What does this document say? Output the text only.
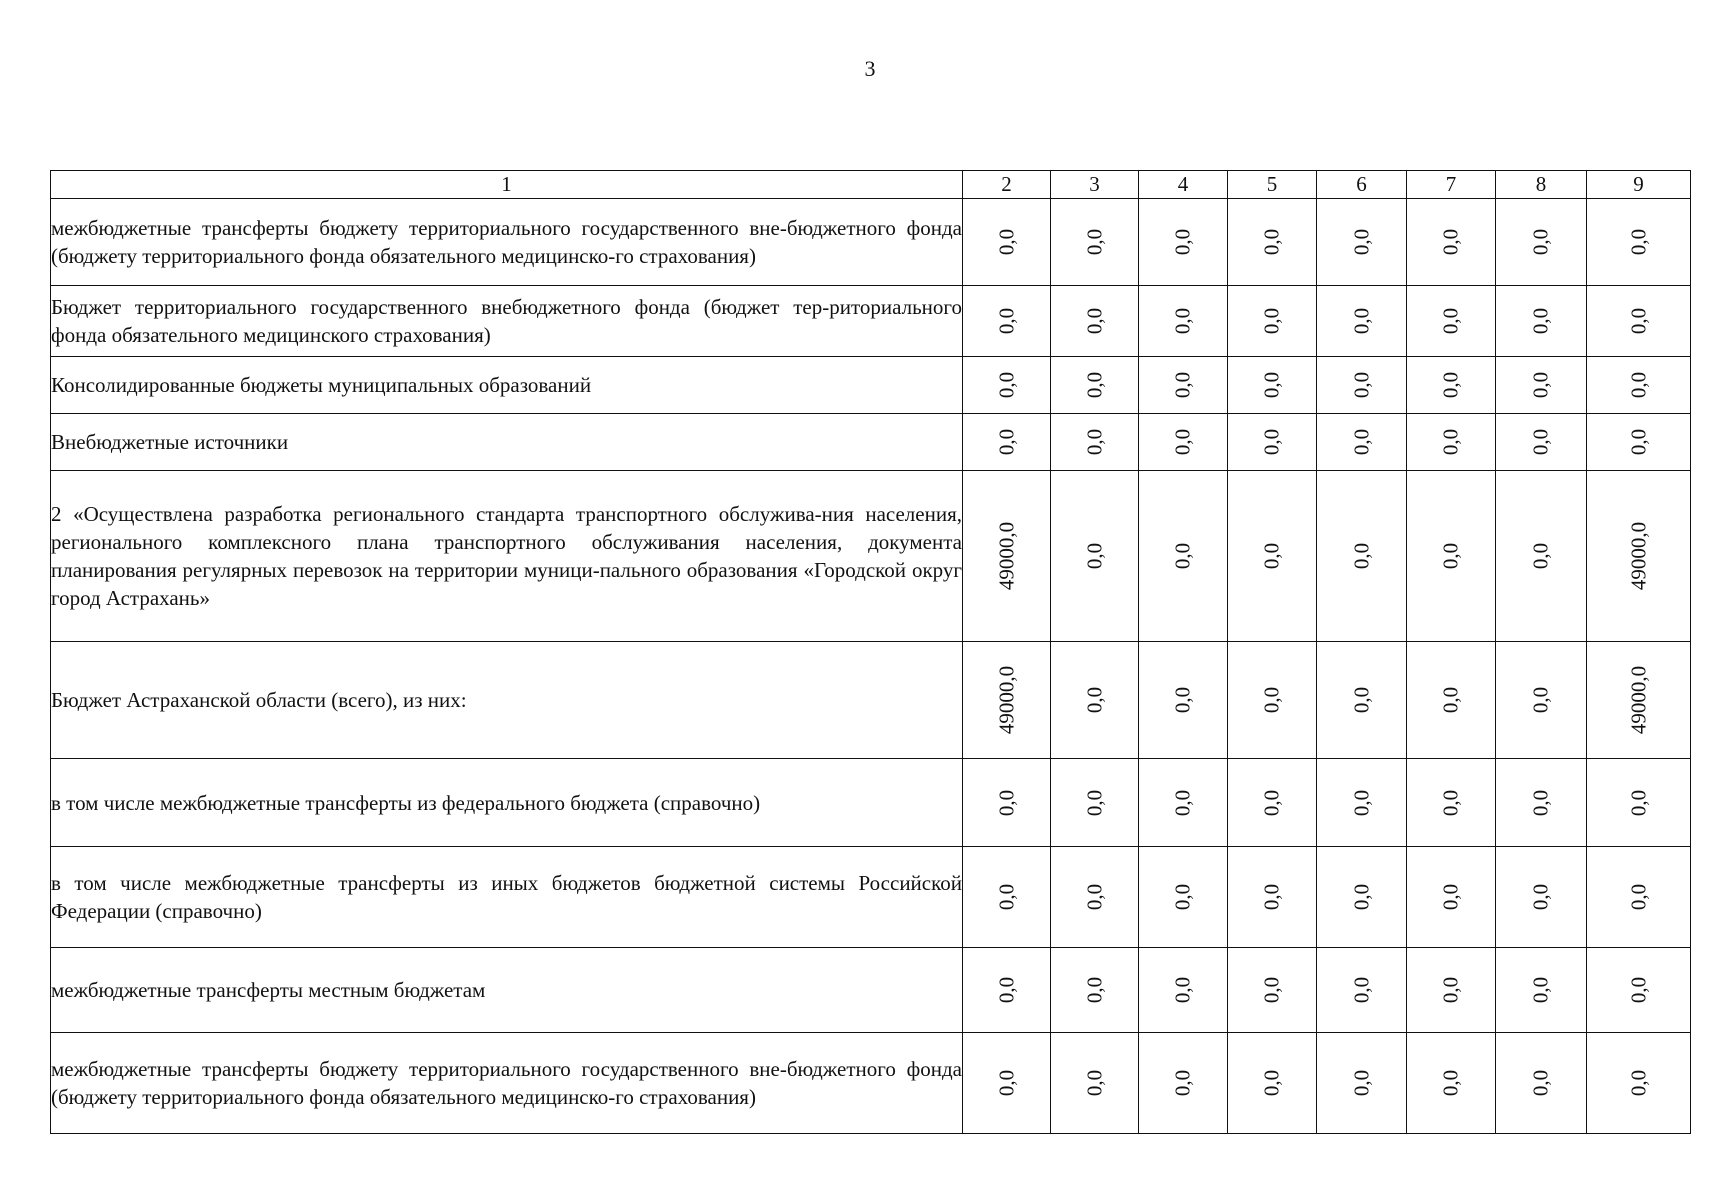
3
1	2	3	4	5	6	7	8	9
межбюджетные трансферты бюджету территориального государственного вне-бюджетного фонда (бюджету территориального фонда обязательного медицинско-го страхования)	0,0	0,0	0,0	0,0	0,0	0,0	0,0	0,0

Бюджет территориального государственного внебюджетного фонда (бюджет тер-риториального фонда обязательного медицинского страхования)	0,0	0,0	0,0	0,0	0,0	0,0	0,0	0,0

Консолидированные бюджеты муниципальных образований	0,0	0,0	0,0	0,0	0,0	0,0	0,0	0,0

Внебюджетные источники	0,0	0,0	0,0	0,0	0,0	0,0	0,0	0,0

2 «Осуществлена разработка регионального стандарта транспортного обслужива-ния населения, регионального комплексного плана транспортного обслуживания населения, документа планирования регулярных перевозок на территории муници-пального образования «Городской округ город Астрахань»	49000,0	0,0	0,0	0,0	0,0	0,0	0,0	49000,0

Бюджет Астраханской области (всего), из них:	49000,0	0,0	0,0	0,0	0,0	0,0	0,0	49000,0

в том числе межбюджетные трансферты из федерального бюджета (справочно)	0,0	0,0	0,0	0,0	0,0	0,0	0,0	0,0

в том числе межбюджетные трансферты из иных бюджетов бюджетной системы Российской Федерации (справочно)	0,0	0,0	0,0	0,0	0,0	0,0	0,0	0,0

межбюджетные трансферты местным бюджетам	0,0	0,0	0,0	0,0	0,0	0,0	0,0	0,0

межбюджетные трансферты бюджету территориального государственного вне-бюджетного фонда (бюджету территориального фонда обязательного медицинско-го страхования)	0,0	0,0	0,0	0,0	0,0	0,0	0,0	0,0
